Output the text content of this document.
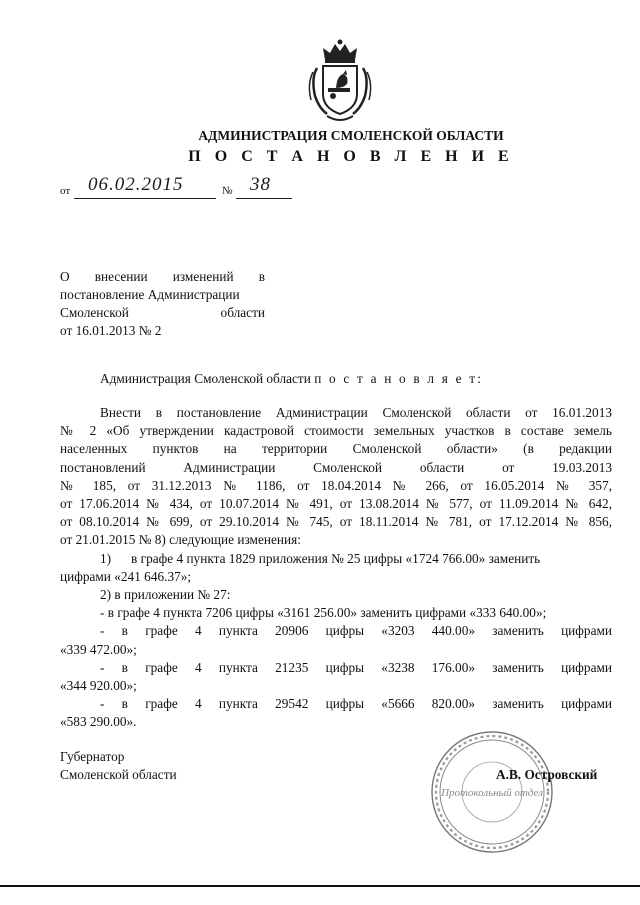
АДМИНИСТРАЦИЯ СМОЛЕНСКОЙ ОБЛАСТИ
П О С Т А Н О В Л Е Н И Е
от 06.02.2015	№ 38
О внесении изменений в
постановление Администрации
Смоленской области
от 16.01.2013 № 2
Администрация Смоленской области п о с т а н о в л я е т:
Внести в постановление Администрации Смоленской области от 16.01.2013
№ 2 «Об утверждении кадастровой стоимости земельных участков в составе земель
населенных пунктов на территории Смоленской области» (в редакции
постановлений Администрации Смоленской области от 19.03.2013
№ 185, от 31.12.2013 № 1186, от 18.04.2014 № 266, от 16.05.2014 № 357,
от 17.06.2014 № 434, от 10.07.2014 № 491, от 13.08.2014 № 577, от 11.09.2014 № 642,
от 08.10.2014 № 699, от 29.10.2014 № 745, от 18.11.2014 № 781, от 17.12.2014 № 856,
от 21.01.2015 № 8) следующие изменения:
1)      в графе 4 пункта 1829 приложения № 25 цифры «1724 766.00» заменить
цифрами «241 646.37»;
2) в приложении № 27:
- в графе 4 пункта 7206 цифры «3161 256.00» заменить цифрами «333 640.00»;
- в графе 4 пункта 20906 цифры «3203 440.00» заменить цифрами
«339 472.00»;
- в графе 4 пункта 21235 цифры «3238 176.00» заменить цифрами
«344 920.00»;
- в графе 4 пункта 29542 цифры «5666 820.00» заменить цифрами
«583 290.00».
Протокольный отдел
Губернатор
Смоленской области	А.В. Островский
